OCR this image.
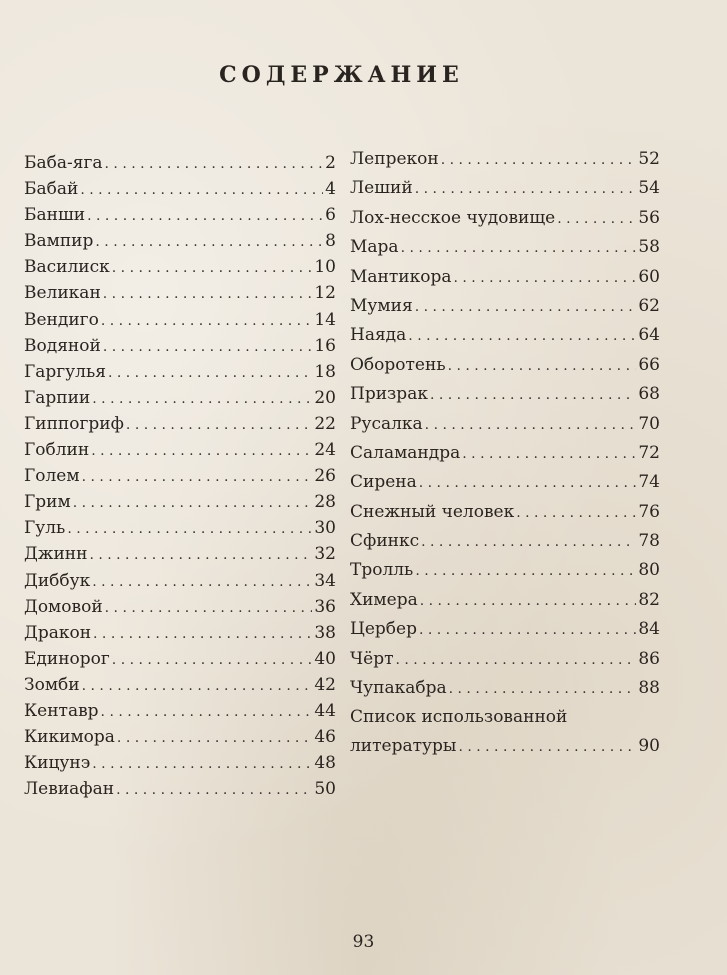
СОДЕРЖАНИЕ
Баба-яга . . .	2
Бабай . . .	4
Банши . . .	6
Вампир . . .	8
Василиск . . .	10
Великан . . .	12
Вендиго . . .	14
Водяной . . .	16
Гаргулья . . .	18
Гарпии . . .	20
Гиппогриф . . .	22
Гоблин . . .	24
Голем . . .	26
Грим . . .	28
Гуль . . .	30
Джинн . . .	32
Диббук . . .	34
Домовой . . .	36
Дракон . . .	38
Единорог . . .	40
Зомби . . .	42
Кентавр . . .	44
Кикимора . . .	46
Кицунэ . . .	48
Левиафан . . .	50
Лепрекон . . .	52
Леший . . .	54
Лох-несское чудовище . . .	56
Мара . . .	58
Мантикора . . .	60
Мумия . . .	62
Наяда . . .	64
Оборотень . . .	66
Призрак . . .	68
Русалка . . .	70
Саламандра . . .	72
Сирена . . .	74
Снежный человек . . .	76
Сфинкс . . .	78
Тролль . . .	80
Химера . . .	82
Цербер . . .	84
Чёрт . . .	86
Чупакабра . . .	88
Список использованной
литературы . . .	90
93
